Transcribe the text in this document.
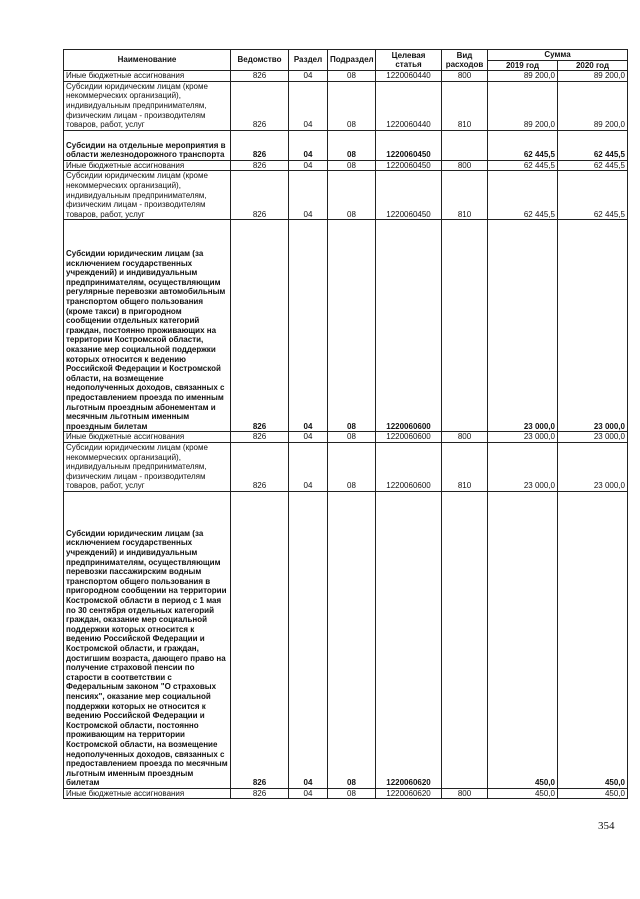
Наименование	Ведомство	Раздел	Подраздел	Целевая статья	Вид расходов	Сумма	
						2019 год	2020 год
Иные бюджетные ассигнования	826	04	08	1220060440	800	89 200,0	89 200,0
Субсидии юридическим лицам (кроме некоммерческих организаций), индивидуальным предпринимателям, физическим лицам - производителям товаров, работ, услуг	826	04	08	1220060440	810	89 200,0	89 200,0
Субсидии на отдельные мероприятия в области железнодорожного транспорта	826	04	08	1220060450		62 445,5	62 445,5
Иные бюджетные ассигнования	826	04	08	1220060450	800	62 445,5	62 445,5
Субсидии юридическим лицам (кроме некоммерческих организаций), индивидуальным предпринимателям, физическим лицам - производителям товаров, работ, услуг	826	04	08	1220060450	810	62 445,5	62 445,5
Субсидии юридическим лицам (за исключением государственных учреждений) и индивидуальным предпринимателям, осуществляющим регулярные перевозки автомобильным транспортом общего пользования (кроме такси) в пригородном сообщении отдельных категорий граждан, постоянно проживающих на территории Костромской области, оказание мер социальной поддержки которых относится к ведению Российской Федерации и Костромской области, на возмещение недополученных доходов, связанных с предоставлением проезда по именным льготным проездным абонементам и месячным льготным именным проездным билетам	826	04	08	1220060600		23 000,0	23 000,0
Иные бюджетные ассигнования	826	04	08	1220060600	800	23 000,0	23 000,0
Субсидии юридическим лицам (кроме некоммерческих организаций), индивидуальным предпринимателям, физическим лицам - производителям товаров, работ, услуг	826	04	08	1220060600	810	23 000,0	23 000,0
Субсидии юридическим лицам (за исключением государственных учреждений) и индивидуальным предпринимателям, осуществляющим перевозки пассажирским водным транспортом общего пользования в пригородном сообщении на территории Костромской области в период с 1 мая по 30 сентября отдельных категорий граждан, оказание мер социальной поддержки которых относится к ведению Российской Федерации и Костромской области, и граждан, достигшим возраста, дающего право на получение страховой пенсии по старости в соответствии с Федеральным законом "О страховых пенсиях", оказание мер социальной поддержки которых не относится к ведению Российской Федерации и Костромской области, постоянно проживающим на территории Костромской области, на возмещение недополученных доходов, связанных с предоставлением проезда по месячным льготным именным проездным билетам	826	04	08	1220060620		450,0	450,0
Иные бюджетные ассигнования	826	04	08	1220060620	800	450,0	450,0
354
